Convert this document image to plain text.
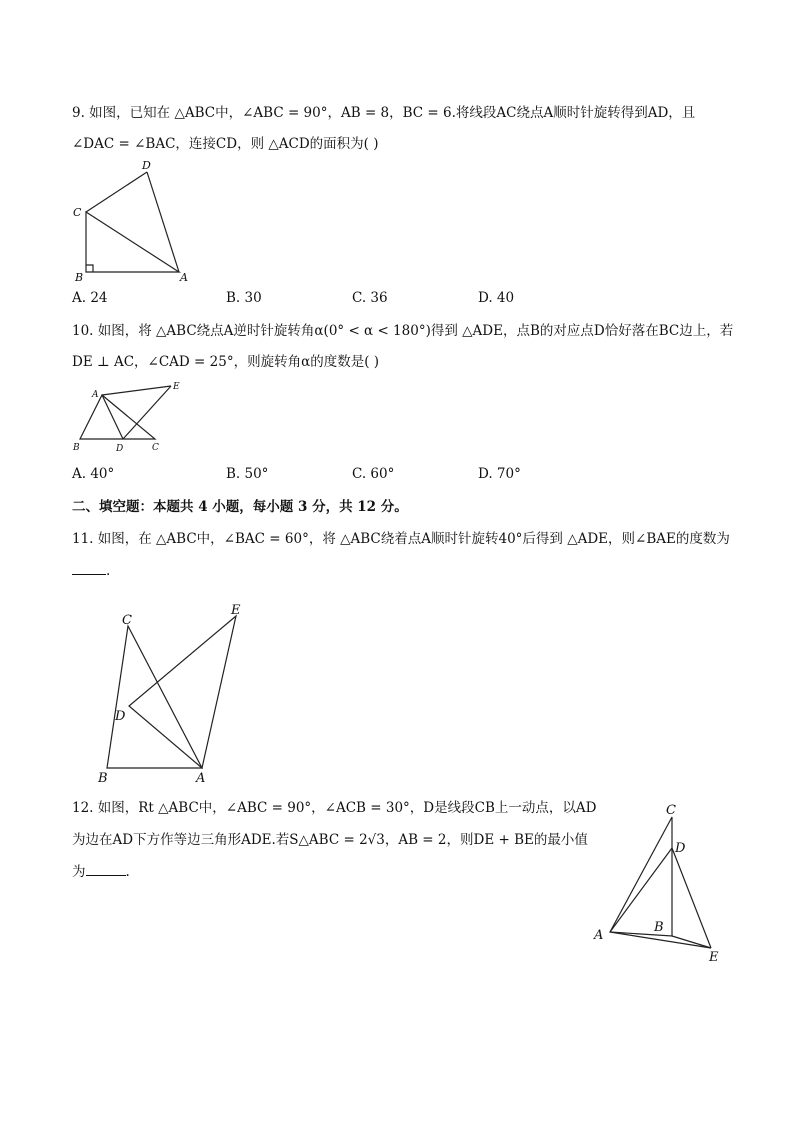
9. 如图，已知在 △ABC中，∠ABC = 90°，AB = 8，BC = 6.将线段AC绕点A顺时针旋转得到AD，且
∠DAC = ∠BAC，连接CD，则 △ACD的面积为( )
D
C
B	A
A. 24	B. 30	C. 36	D. 40
10. 如图，将 △ABC绕点A逆时针旋转角α(0° < α < 180°)得到 △ADE，点B的对应点D恰好落在BC边上，若
DE ⊥ AC，∠CAD = 25°，则旋转角α的度数是( )
A
E
B	D	C
A. 40°	B. 50°	C. 60°	D. 70°
二、填空题：本题共 4 小题，每小题 3 分，共 12 分。
11. 如图，在 △ABC中，∠BAC = 60°，将 △ABC绕着点A顺时针旋转40°后得到 △ADE，则∠BAE的度数为
.
C
E
D
B	A
12. 如图，Rt △ABC中，∠ABC = 90°，∠ACB = 30°，D是线段CB上一动点，以AD
为边在AD下方作等边三角形ADE.若S△ABC = 2√3，AB = 2，则DE + BE的最小值
为	.
C
D
A
B
E
